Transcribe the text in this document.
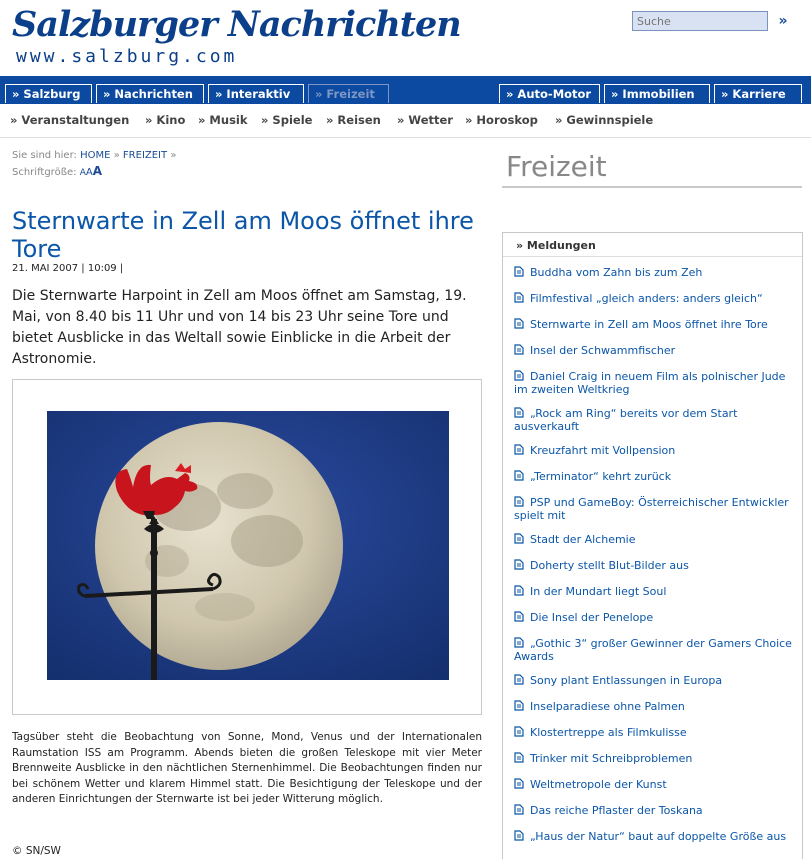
Salzburger Nachrichten
www.salzburg.com
Suche
»
» Salzburg	» Nachrichten	» Interaktiv	» Freizeit	» Auto-Motor	» Immobilien	» Karriere
» Veranstaltungen » Kino » Musik » Spiele » Reisen » Wetter » Horoskop » Gewinnspiele
Sie sind hier: HOME » FREIZEIT »
Schriftgröße: AAA
Sternwarte in Zell am Moos öffnet ihre Tore
21. MAI 2007 | 10:09 |

Die Sternwarte Harpoint in Zell am Moos öffnet am Samstag, 19. Mai, von 8.40 bis 11 Uhr und von 14 bis 23 Uhr seine Tore und bietet Ausblicke in das Weltall sowie Einblicke in die Arbeit der Astronomie.

Tagsüber steht die Beobachtung von Sonne, Mond, Venus und der Internationalen Raumstation ISS am Programm. Abends bieten die großen Teleskope mit vier Meter Brennweite Ausblicke in den nächtlichen Sternenhimmel. Die Beobachtungen finden nur bei schönem Wetter und klarem Himmel statt. Die Besichtigung der Teleskope und der anderen Einrichtungen der Sternwarte ist bei jeder Witterung möglich.

© SN/SW
Freizeit
» Meldungen
Buddha vom Zahn bis zum Zeh
Filmfestival „gleich anders: anders gleich“
Sternwarte in Zell am Moos öffnet ihre Tore
Insel der Schwammfischer
Daniel Craig in neuem Film als polnischer Jude im zweiten Weltkrieg
„Rock am Ring“ bereits vor dem Start ausverkauft
Kreuzfahrt mit Vollpension
„Terminator“ kehrt zurück
PSP und GameBoy: Österreichischer Entwickler spielt mit
Stadt der Alchemie
Doherty stellt Blut-Bilder aus
In der Mundart liegt Soul
Die Insel der Penelope
„Gothic 3“ großer Gewinner der Gamers Choice Awards
Sony plant Entlassungen in Europa
Inselparadiese ohne Palmen
Klostertreppe als Filmkulisse
Trinker mit Schreibproblemen
Weltmetropole der Kunst
Das reiche Pflaster der Toskana
„Haus der Natur“ baut auf doppelte Größe aus
